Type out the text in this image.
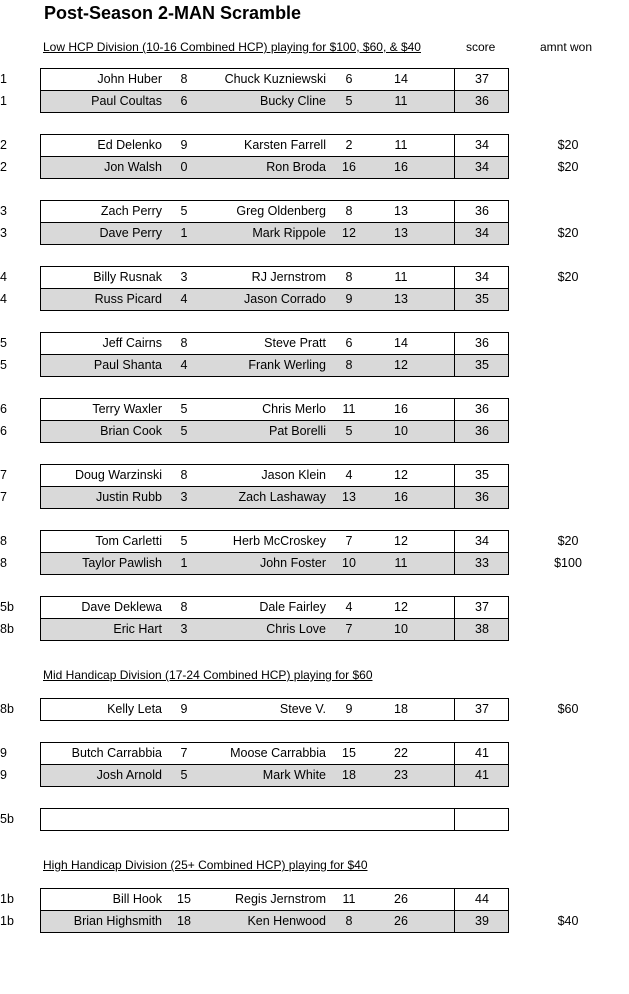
Post-Season 2-MAN Scramble
Low HCP Division (10-16 Combined HCP) playing for $100, $60, & $40	score	amnt won
1	John Huber	8	Chuck Kuzniewski	6	14	37
1	Paul Coultas	6	Bucky Cline	5	11	36
2	Ed Delenko	9	Karsten Farrell	2	11	34	$20
2	Jon Walsh	0	Ron Broda 16	16	34	$20
3	Zach Perry	5	Greg Oldenberg	8	13	36
3	Dave Perry	1	Mark Rippole 12	13	34	$20
4	Billy Rusnak	3	RJ Jernstrom	8	11	34	$20
4	Russ Picard	4	Jason Corrado	9	13	35
5	Jeff Cairns	8	Steve Pratt	6	14	36
5	Paul Shanta	4	Frank Werling	8	12	35
6	Terry Waxler	5	Chris Merlo 11	16	36
6	Brian Cook	5	Pat Borelli	5	10	36
7	Doug Warzinski	8	Jason Klein	4	12	35
7	Justin Rubb	3	Zach Lashaway 13	16	36
8	Tom Carletti	5	Herb McCroskey	7	12	34	$20
8	Taylor Pawlish	1	John Foster 10	11	33	$100
5b	Dave Deklewa	8	Dale Fairley	4	12	37
8b	Eric Hart	3	Chris Love	7	10	38
Mid Handicap Division (17-24 Combined HCP) playing for $60
8b	Kelly Leta	9	Steve V.	9	18	37	$60
9	Butch Carrabbia	7	Moose Carrabbia 15	22	41
9	Josh Arnold	5	Mark White 18	23	41
5b
High Handicap Division (25+ Combined HCP) playing for $40
1b	Bill Hook 15	Regis Jernstrom 11	26	44
1b	Brian Highsmith 18	Ken Henwood	8	26	39	$40
